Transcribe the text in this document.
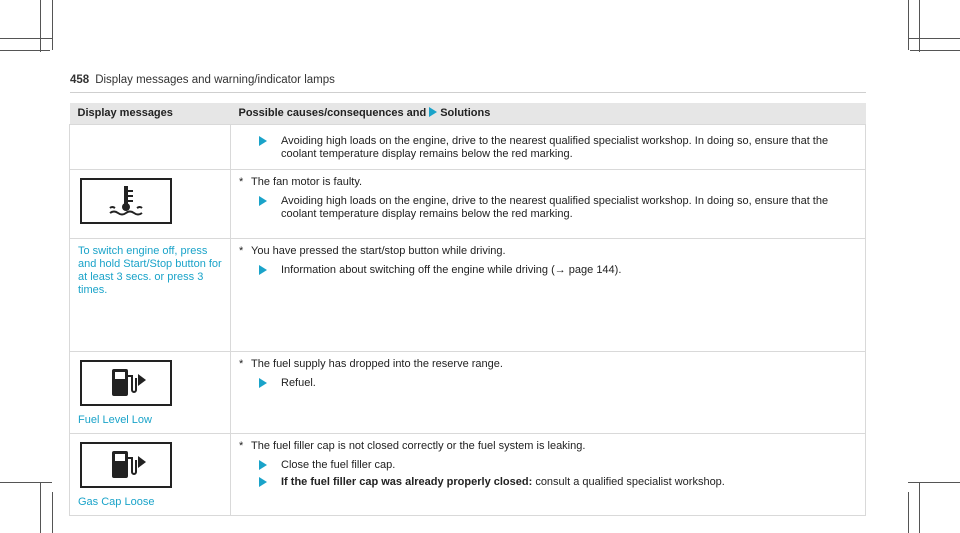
458 Display messages and warning/indicator lamps
Display messages	Possible causes/consequences and Solutions

Avoiding high loads on the engine, drive to the nearest qualified specialist workshop. In doing so, ensure that the coolant temperature display remains below the red marking.

* The fan motor is faulty.
Avoiding high loads on the engine, drive to the nearest qualified specialist workshop. In doing so, ensure that the coolant temperature display remains below the red marking.

To switch engine off, press and hold Start/Stop button for at least 3 secs. or press 3 times.	* You have pressed the start/stop button while driving.
Information about switching off the engine while driving (→ page 144).

Fuel Level Low	* The fuel supply has dropped into the reserve range.
Refuel.

Gas Cap Loose	* The fuel filler cap is not closed correctly or the fuel system is leaking.
Close the fuel filler cap.
If the fuel filler cap was already properly closed: consult a qualified specialist workshop.
